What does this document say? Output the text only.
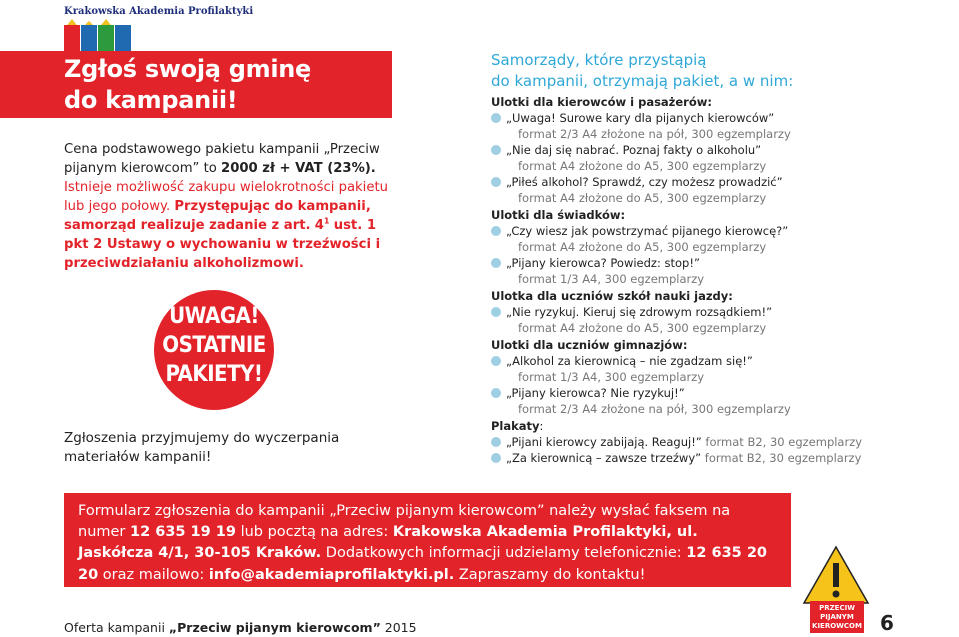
Krakowska Akademia Profilaktyki
Zgłoś swoją gminę
do kampanii!
Cena podstawowego pakietu kampanii „Przeciw pijanym kierowcom” to 2000 zł + VAT (23%). Istnieje możliwość zakupu wielokrotności pakietu lub jego połowy. Przystępując do kampanii, samorząd realizuje zadanie z art. $4^1$ ust. 1 pkt 2 Ustawy o wychowaniu w trzeźwości i przeciwdziałaniu alkoholizmowi.
UWAGA!
OSTATNIE
PAKIETY!
Zgłoszenia przyjmujemy do wyczerpania materiałów kampanii!
Samorządy, które przystąpią
do kampanii, otrzymają pakiet, a w nim:
Ulotki dla kierowców i pasażerów:
„Uwaga! Surowe kary dla pijanych kierowców”
format 2/3 A4 złożone na pół, 300 egzemplarzy
„Nie daj się nabrać. Poznaj fakty o alkoholu”
format A4 złożone do A5, 300 egzemplarzy
„Piłeś alkohol? Sprawdź, czy możesz prowadzić”
format A4 złożone do A5, 300 egzemplarzy
Ulotki dla świadków:
„Czy wiesz jak powstrzymać pijanego kierowcę?”
format A4 złożone do A5, 300 egzemplarzy
„Pijany kierowca? Powiedz: stop!”
format 1/3 A4, 300 egzemplarzy
Ulotka dla uczniów szkół nauki jazdy:
„Nie ryzykuj. Kieruj się zdrowym rozsądkiem!”
format A4 złożone do A5, 300 egzemplarzy
Ulotki dla uczniów gimnazjów:
„Alkohol za kierownicą – nie zgadzam się!”
format 1/3 A4, 300 egzemplarzy
„Pijany kierowca? Nie ryzykuj!”
format 2/3 A4 złożone na pół, 300 egzemplarzy
Plakaty:
„Pijani kierowcy zabijają. Reaguj!” format B2, 30 egzemplarzy
„Za kierownicą – zawsze trzeźwy” format B2, 30 egzemplarzy
Formularz zgłoszenia do kampanii „Przeciw pijanym kierowcom” należy wysłać faksem na numer 12 635 19 19 lub pocztą na adres: Krakowska Akademia Profilaktyki, ul. Jaskółcza 4/1, 30-105 Kraków. Dodatkowych informacji udzielamy telefonicznie: 12 635 20 20 oraz mailowo: info@akademiaprofilaktyki.pl. Zapraszamy do kontaktu!
Oferta kampanii „Przeciw pijanym kierowcom” 2015
PRZECIW
PIJANYM
KIEROWCOM 6
